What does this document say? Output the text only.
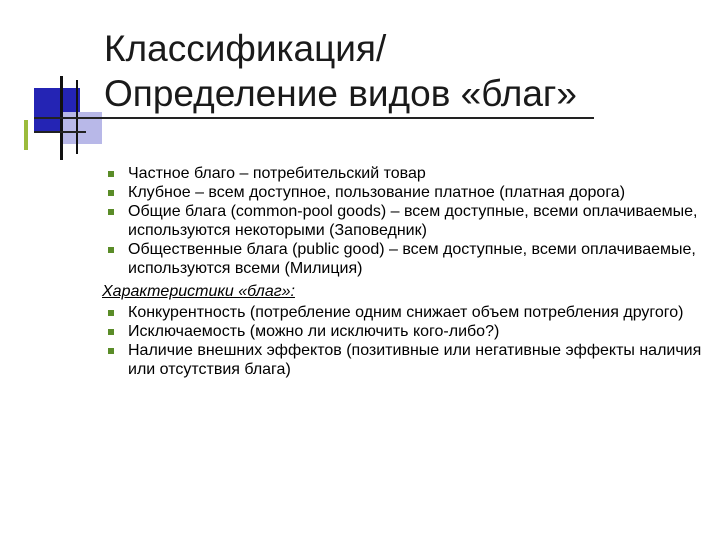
Классификация/
Определение видов «благ»
Частное благо – потребительский товар
Клубное – всем доступное, пользование платное (платная дорога)
Общие блага (common-pool goods) – всем доступные, всеми оплачиваемые, используются некоторыми (Заповедник)
Общественные блага (public good) – всем доступные, всеми оплачиваемые, используются всеми (Милиция)
Характеристики «благ»:
Конкурентность (потребление одним снижает объем потребления другого)
Исключаемость (можно ли исключить кого-либо?)
Наличие внешних эффектов (позитивные или негативные эффекты наличия или отсутствия блага)
